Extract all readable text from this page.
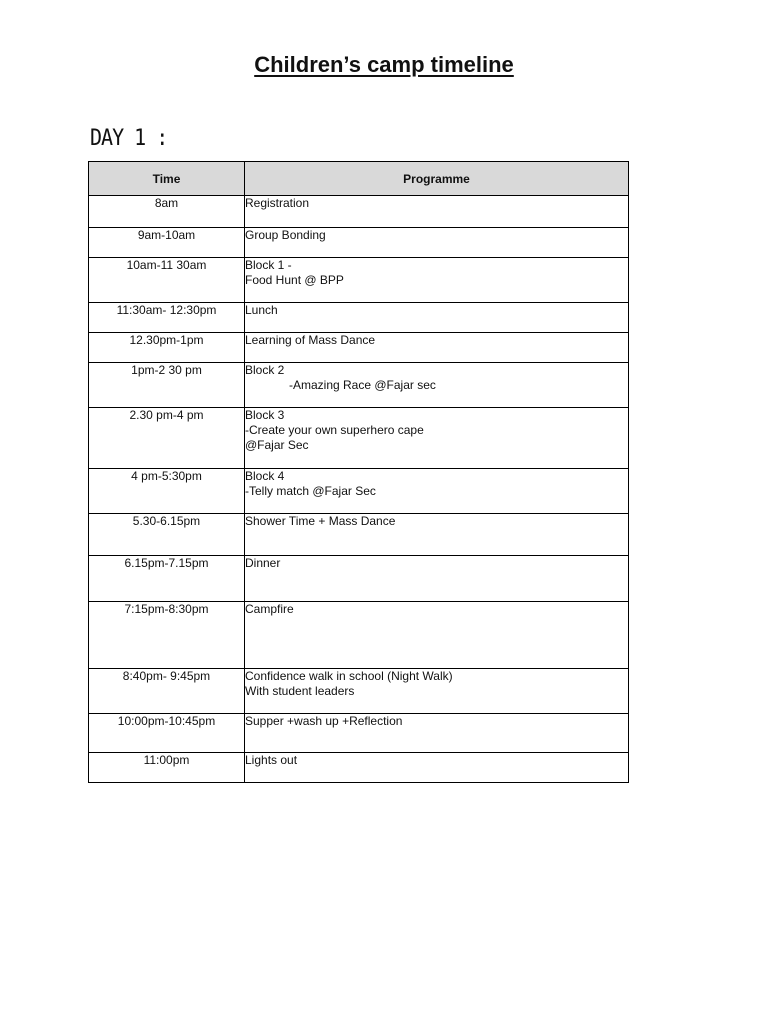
Children’s camp timeline
DAY 1 :
Time	Programme
8am	Registration

9am-10am	Group Bonding

10am-11 30am	Block 1 -
Food Hunt @ BPP

11:30am- 12:30pm	Lunch

12.30pm-1pm	Learning of Mass Dance

1pm-2 30 pm	Block 2
-Amazing Race @Fajar sec

2.30 pm-4 pm	Block 3
-Create your own superhero cape
@Fajar Sec

4 pm-5:30pm	Block 4
-Telly match @Fajar Sec

5.30-6.15pm	Shower Time + Mass Dance

6.15pm-7.15pm	Dinner

7:15pm-8:30pm	Campfire

8:40pm- 9:45pm	Confidence walk in school (Night Walk)
With student leaders

10:00pm-10:45pm	Supper +wash up +Reflection

11:00pm	Lights out
